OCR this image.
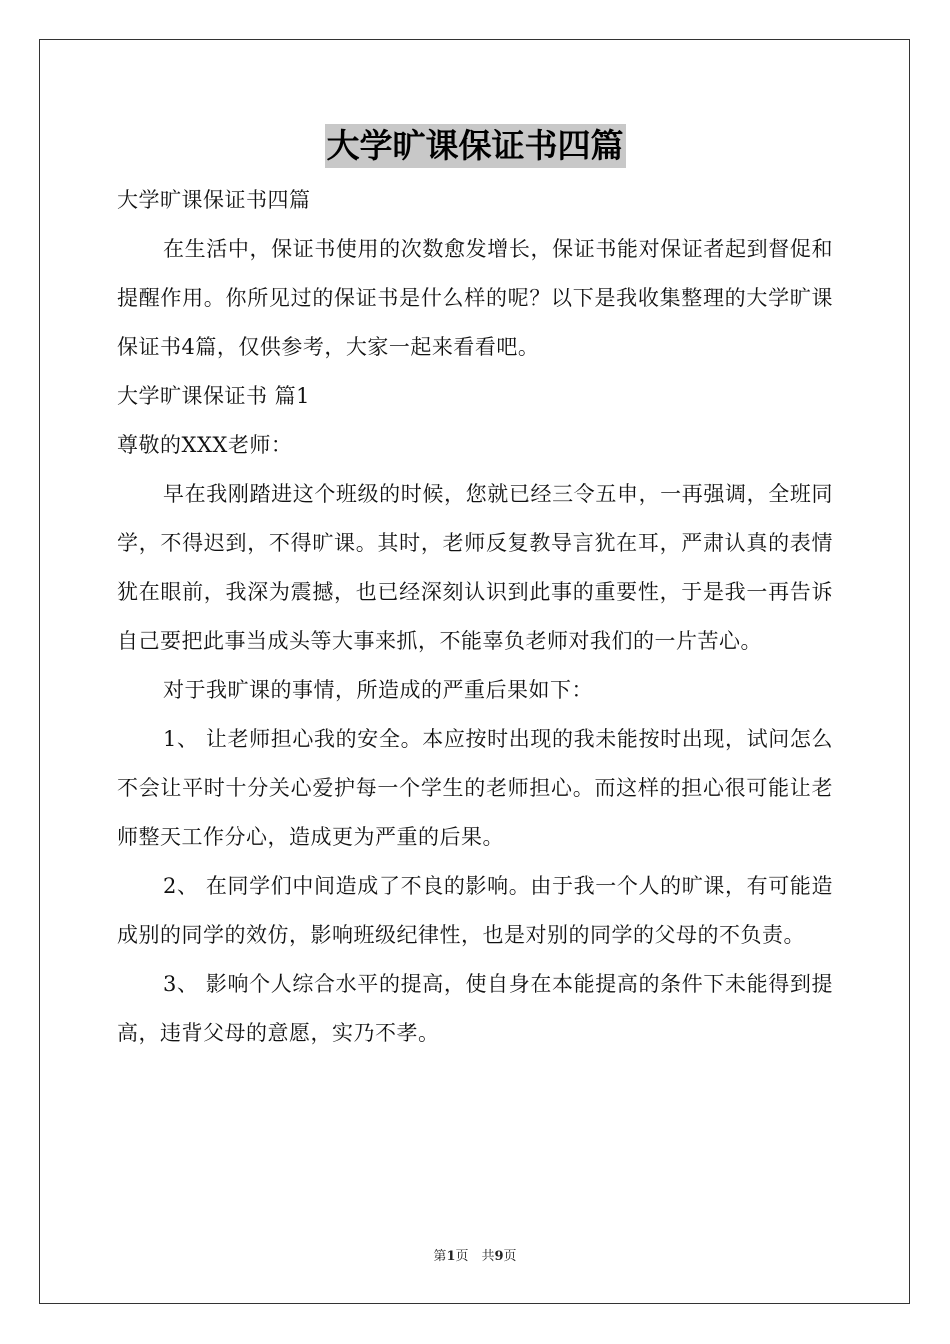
大学旷课保证书四篇

大学旷课保证书四篇

在生活中，保证书使用的次数愈发增长，保证书能对保证者起到督促和提醒作用。你所见过的保证书是什么样的呢？以下是我收集整理的大学旷课保证书4篇，仅供参考，大家一起来看看吧。

大学旷课保证书 篇1

尊敬的XXX老师：

早在我刚踏进这个班级的时候，您就已经三令五申，一再强调，全班同学，不得迟到，不得旷课。其时，老师反复教导言犹在耳，严肃认真的表情犹在眼前，我深为震撼，也已经深刻认识到此事的重要性，于是我一再告诉自己要把此事当成头等大事来抓，不能辜负老师对我们的一片苦心。

对于我旷课的事情，所造成的严重后果如下：

1、 让老师担心我的安全。本应按时出现的我未能按时出现，试问怎么不会让平时十分关心爱护每一个学生的老师担心。而这样的担心很可能让老师整天工作分心，造成更为严重的后果。

2、 在同学们中间造成了不良的影响。由于我一个人的旷课，有可能造成别的同学的效仿，影响班级纪律性，也是对别的同学的父母的不负责。

3、 影响个人综合水平的提高，使自身在本能提高的条件下未能得到提高，违背父母的意愿，实乃不孝。

第1页　共9页
